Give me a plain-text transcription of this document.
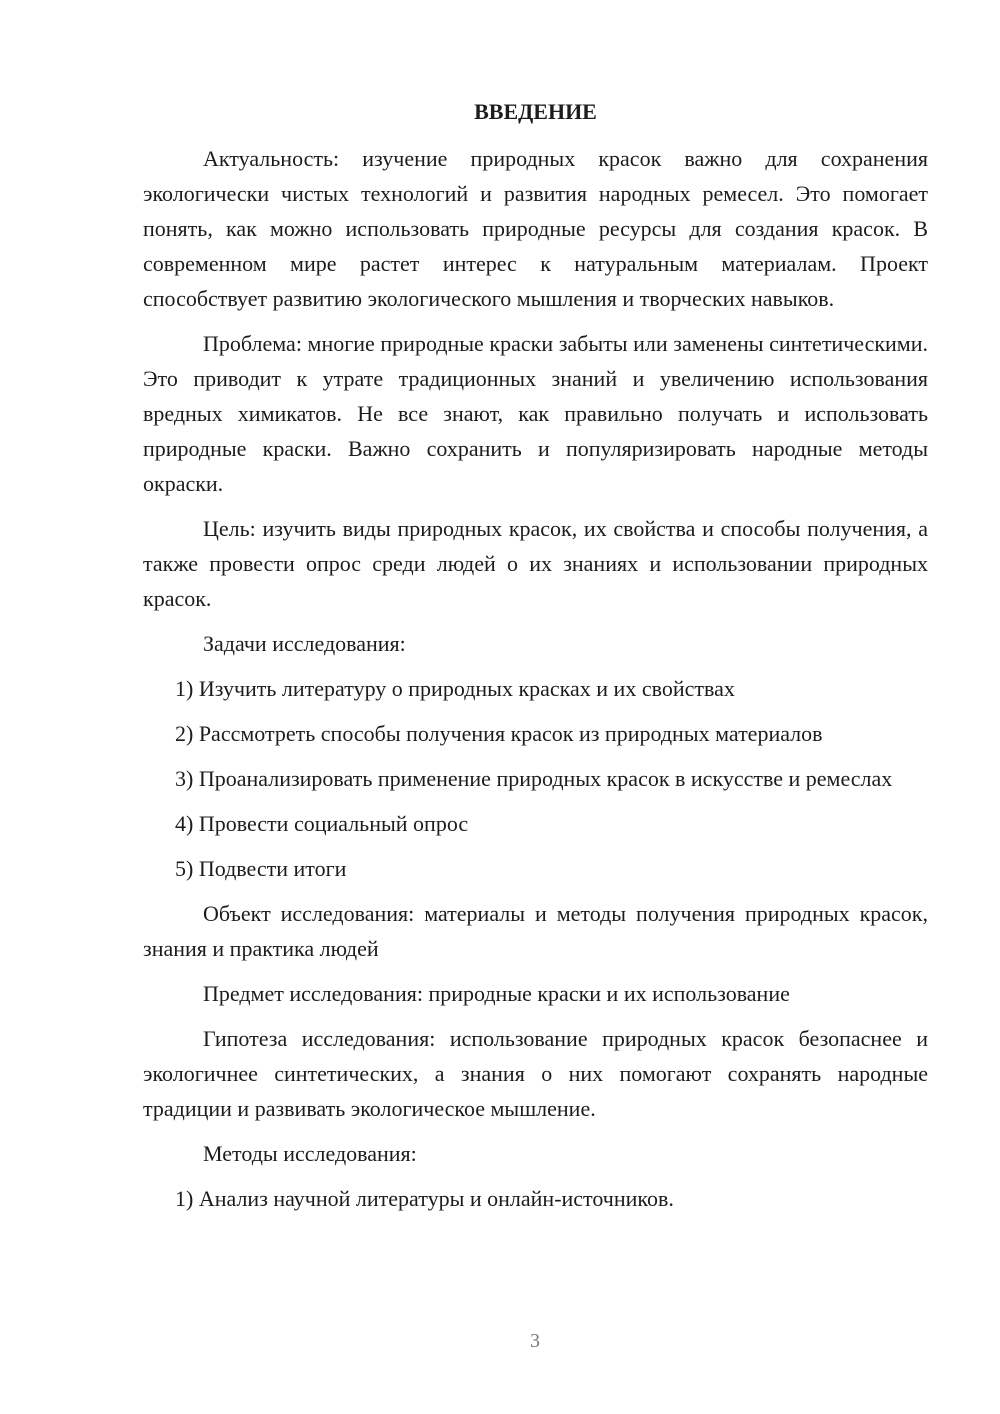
ВВЕДЕНИЕ

Актуальность: изучение природных красок важно для сохранения экологически чистых технологий и развития народных ремесел. Это помогает понять, как можно использовать природные ресурсы для создания красок. В современном мире растет интерес к натуральным материалам. Проект способствует развитию экологического мышления и творческих навыков.

Проблема: многие природные краски забыты или заменены синтетическими. Это приводит к утрате традиционных знаний и увеличению использования вредных химикатов. Не все знают, как правильно получать и использовать природные краски. Важно сохранить и популяризировать народные методы окраски.

Цель: изучить виды природных красок, их свойства и способы получения, а также провести опрос среди людей о их знаниях и использовании природных красок.

Задачи исследования:

1) Изучить литературу о природных красках и их свойствах

2) Рассмотреть способы получения красок из природных материалов

3) Проанализировать применение природных красок в искусстве и ремеслах

4) Провести социальный опрос

5) Подвести итоги

Объект исследования: материалы и методы получения природных красок, знания и практика людей

Предмет исследования: природные краски и их использование

Гипотеза исследования: использование природных красок безопаснее и экологичнее синтетических, а знания о них помогают сохранять народные традиции и развивать экологическое мышление.

Методы исследования:

1) Анализ научной литературы и онлайн-источников.

3
